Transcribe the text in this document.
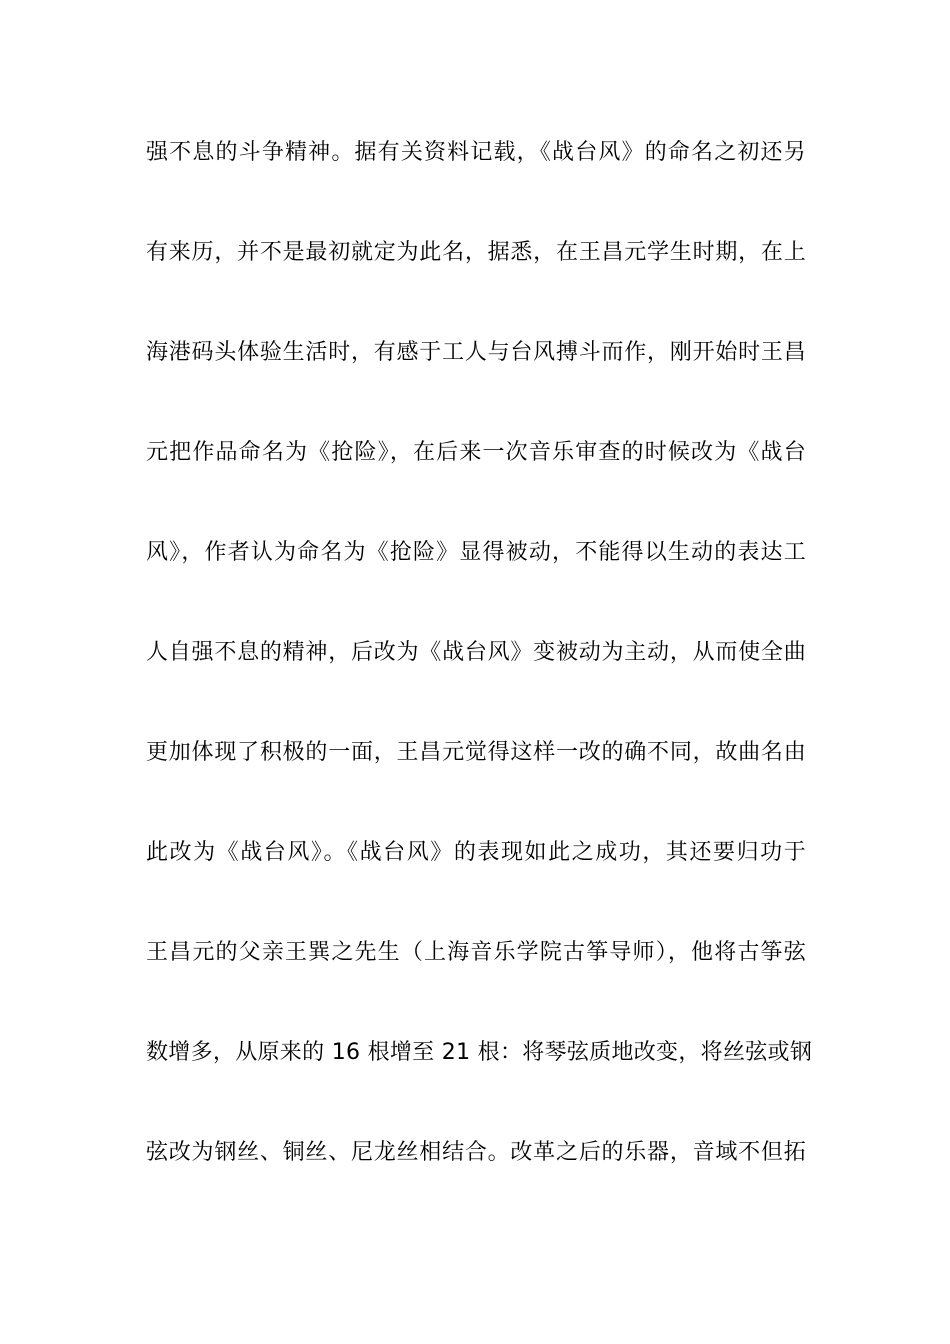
强不息的斗争精神。据有关资料记载，《战台风》的命名之初还另
有来历，并不是最初就定为此名，据悉，在王昌元学生时期，在上
海港码头体验生活时，有感于工人与台风搏斗而作，刚开始时王昌
元把作品命名为《抢险》，在后来一次音乐审查的时候改为《战台
风》，作者认为命名为《抢险》显得被动，不能得以生动的表达工
人自强不息的精神，后改为《战台风》变被动为主动，从而使全曲
更加体现了积极的一面，王昌元觉得这样一改的确不同，故曲名由
此改为《战台风》。《战台风》的表现如此之成功，其还要归功于
王昌元的父亲王巽之先生（上海音乐学院古筝导师），他将古筝弦
数增多，从原来的 16 根增至 21 根：将琴弦质地改变，将丝弦或钢
弦改为钢丝、铜丝、尼龙丝相结合。改革之后的乐器，音域不但拓
